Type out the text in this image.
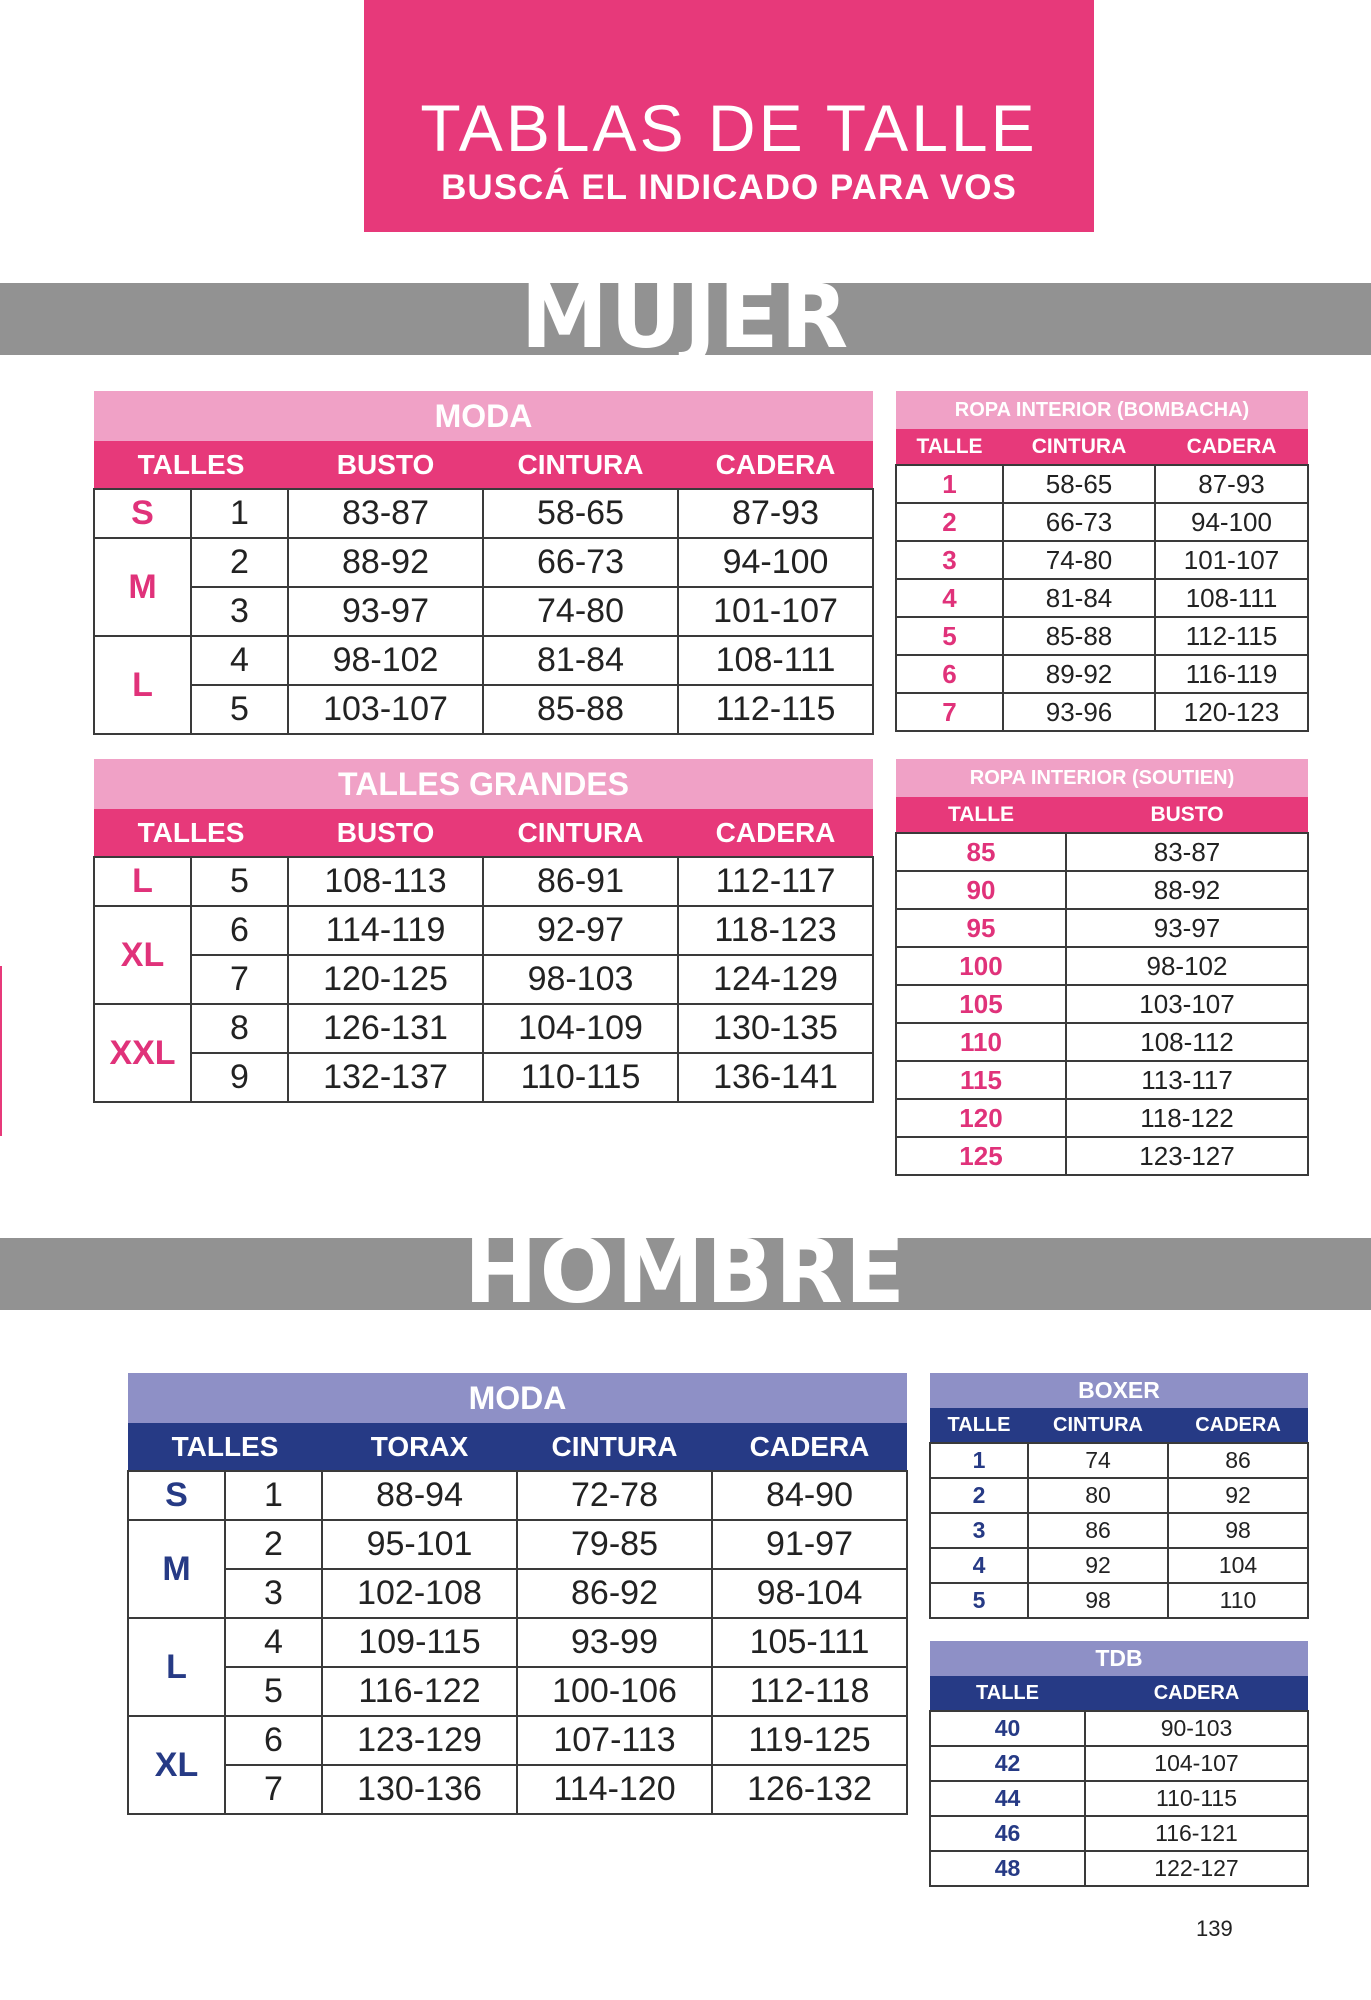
TABLAS DE TALLE
BUSCÁ EL INDICADO PARA VOS
MUJER
MODA				
TALLES		BUSTO	CINTURA	CADERA
S	1	83-87	58-65	87-93
M	2	88-92	66-73	94-100
	3	93-97	74-80	101-107
L	4	98-102	81-84	108-111
	5	103-107	85-88	112-115
TALLES GRANDES				
TALLES		BUSTO	CINTURA	CADERA
L	5	108-113	86-91	112-117
XL	6	114-119	92-97	118-123
	7	120-125	98-103	124-129
XXL	8	126-131	104-109	130-135
	9	132-137	110-115	136-141
ROPA INTERIOR (BOMBACHA)		
TALLE	CINTURA	CADERA
1	58-65	87-93
2	66-73	94-100
3	74-80	101-107
4	81-84	108-111
5	85-88	112-115
6	89-92	116-119
7	93-96	120-123
ROPA INTERIOR (SOUTIEN)	
TALLE	BUSTO
85	83-87
90	88-92
95	93-97
100	98-102
105	103-107
110	108-112
115	113-117
120	118-122
125	123-127
HOMBRE
MODA				
TALLES		TORAX	CINTURA	CADERA
S	1	88-94	72-78	84-90
M	2	95-101	79-85	91-97
	3	102-108	86-92	98-104
L	4	109-115	93-99	105-111
	5	116-122	100-106	112-118
XL	6	123-129	107-113	119-125
	7	130-136	114-120	126-132
BOXER		
TALLE	CINTURA	CADERA
1	74	86
2	80	92
3	86	98
4	92	104
5	98	110
TDB	
TALLE	CADERA
40	90-103
42	104-107
44	110-115
46	116-121
48	122-127
139
